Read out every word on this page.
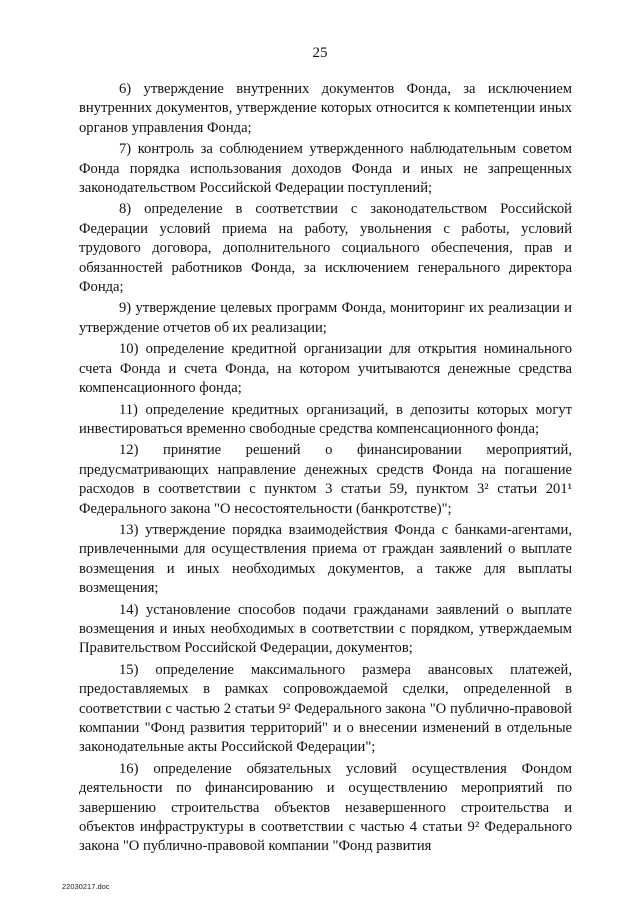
25

6) утверждение внутренних документов Фонда, за исключением внутренних документов, утверждение которых относится к компетенции иных органов управления Фонда;

7) контроль за соблюдением утвержденного наблюдательным советом Фонда порядка использования доходов Фонда и иных не запрещенных законодательством Российской Федерации поступлений;

8) определение в соответствии с законодательством Российской Федерации условий приема на работу, увольнения с работы, условий трудового договора, дополнительного социального обеспечения, прав и обязанностей работников Фонда, за исключением генерального директора Фонда;

9) утверждение целевых программ Фонда, мониторинг их реализации и утверждение отчетов об их реализации;

10) определение кредитной организации для открытия номинального счета Фонда и счета Фонда, на котором учитываются денежные средства компенсационного фонда;

11) определение кредитных организаций, в депозиты которых могут инвестироваться временно свободные средства компенсационного фонда;

12) принятие решений о финансировании мероприятий, предусматривающих направление денежных средств Фонда на погашение расходов в соответствии с пунктом 3 статьи 59, пунктом 3² статьи 201¹ Федерального закона "О несостоятельности (банкротстве)";

13) утверждение порядка взаимодействия Фонда с банками-агентами, привлеченными для осуществления приема от граждан заявлений о выплате возмещения и иных необходимых документов, а также для выплаты возмещения;

14) установление способов подачи гражданами заявлений о выплате возмещения и иных необходимых в соответствии с порядком, утверждаемым Правительством Российской Федерации, документов;

15) определение максимального размера авансовых платежей, предоставляемых в рамках сопровождаемой сделки, определенной в соответствии с частью 2 статьи 9² Федерального закона "О публично-правовой компании "Фонд развития территорий" и о внесении изменений в отдельные законодательные акты Российской Федерации";

16) определение обязательных условий осуществления Фондом деятельности по финансированию и осуществлению мероприятий по завершению строительства объектов незавершенного строительства и объектов инфраструктуры в соответствии с частью 4 статьи 9² Федерального закона "О публично-правовой компании "Фонд развития

22030217.doc
